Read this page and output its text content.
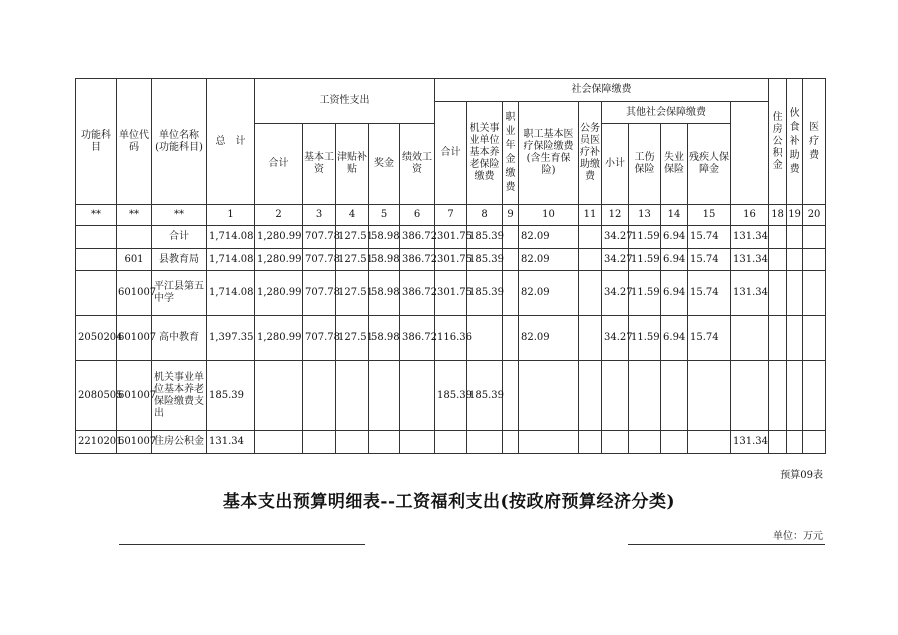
功能科目	单位代码	单位名称(功能科目)	总　计	工资性支出					社会保障缴费										住房公积金	伙食补助费	医疗费	
									合计	机关事业单位基本养老保险缴费	职业年金缴费	职工基本医疗保险缴费(含生育保险)	公务员医疗补助缴费	其他社会保障缴费								
				合计	基本工资	津贴补贴	奖金	绩效工资						小计	工伤保险	失业保险	残疾人保障金					
**	**	**	1	2	3	4	5	6	7	8	9	10	11	12	13	14	15	16	18	19	20	
		合计	1,714.08	1,280.99	707.78	127.51	58.98	386.72	301.75	185.39		82.09		34.27	11.59	6.94	15.74	131.34				
	601	县教育局	1,714.08	1,280.99	707.78	127.51	58.98	386.72	301.75	185.39		82.09		34.27	11.59	6.94	15.74	131.34				
	601007	平江县第五中学	1,714.08	1,280.99	707.78	127.51	58.98	386.72	301.75	185.39		82.09		34.27	11.59	6.94	15.74	131.34				
2050204	601007	高中教育	1,397.35	1,280.99	707.78	127.51	58.98	386.72	116.36			82.09		34.27	11.59	6.94	15.74					
2080505	601007	机关事业单位基本养老保险缴费支出	185.39						185.39	185.39												
2210201	601007	住房公积金	131.34															131.34				
预算09表
基本支出预算明细表--工资福利支出(按政府预算经济分类)
单位：万元
